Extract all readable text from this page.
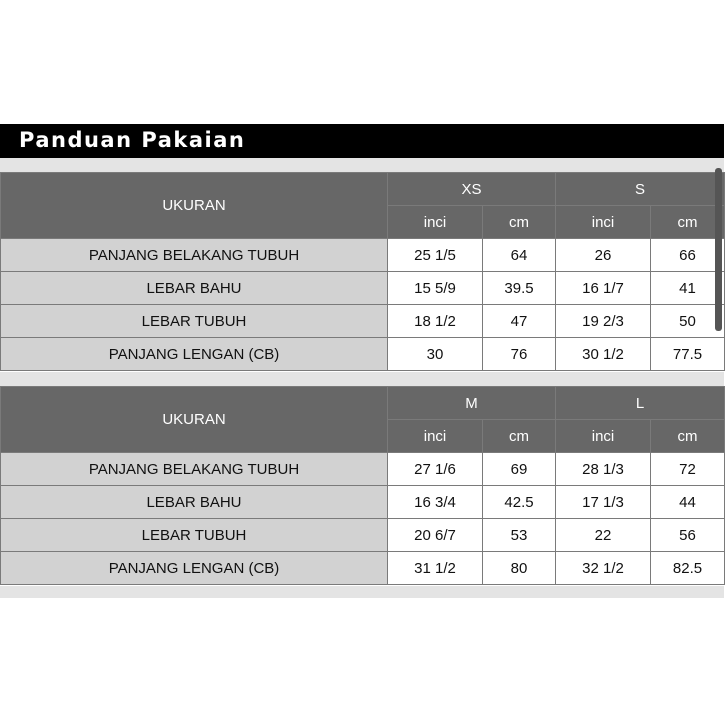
Panduan Pakaian
UKURAN	XS		S	
	inci	cm	inci	cm
PANJANG BELAKANG TUBUH	25 1/5	64	26	66
LEBAR BAHU	15 5/9	39.5	16 1/7	41
LEBAR TUBUH	18 1/2	47	19 2/3	50
PANJANG LENGAN (CB)	30	76	30 1/2	77.5
UKURAN	M		L	
	inci	cm	inci	cm
PANJANG BELAKANG TUBUH	27 1/6	69	28 1/3	72
LEBAR BAHU	16 3/4	42.5	17 1/3	44
LEBAR TUBUH	20 6/7	53	22	56
PANJANG LENGAN (CB)	31 1/2	80	32 1/2	82.5
